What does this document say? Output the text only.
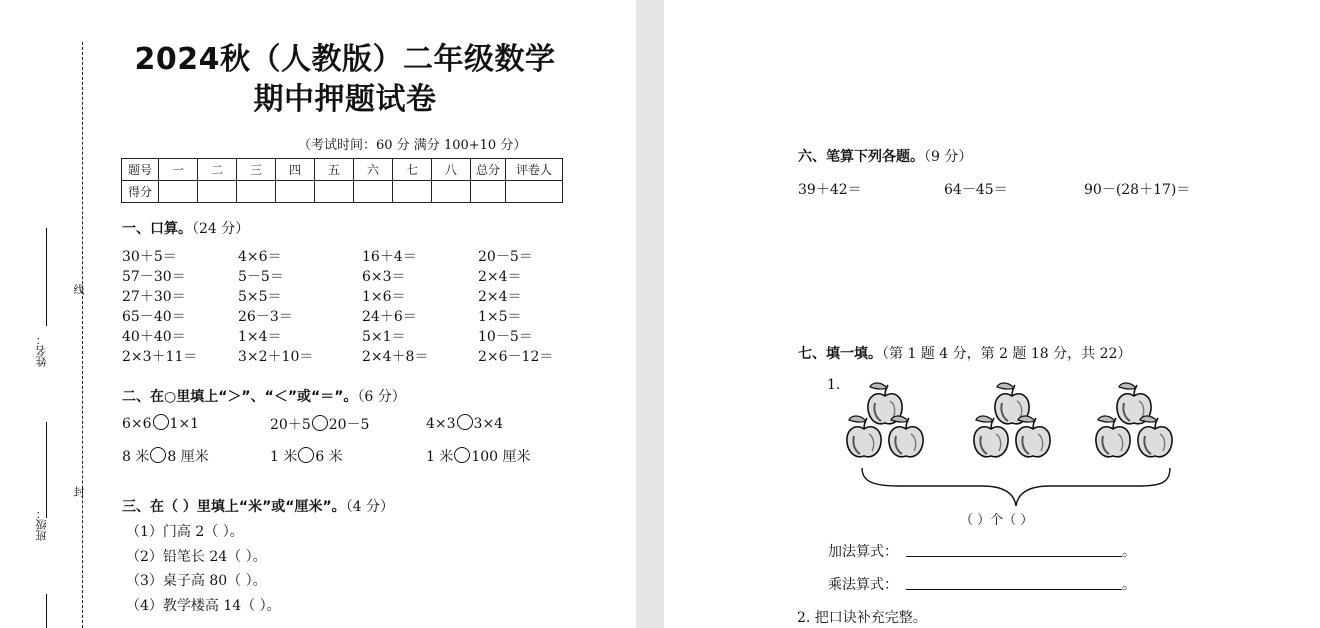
线
封
姓名：
班级：
2024秋（人教版）二年级数学
期中押题试卷
（考试时间：60 分 满分 100+10 分）
题号	一	二	三	四	五	六	七	八	总分	评卷人
得分										
一、口算。（24 分）
30＋5＝	4×6＝	16＋4＝	20－5＝
57－30＝	5－5＝	6×3＝	2×4＝
27＋30＝	5×5＝	1×6＝	2×4＝
65－40＝	26－3＝	24＋6＝	1×5＝
40＋40＝	1×4＝	5×1＝	10－5＝
2×3＋11＝	3×2＋10＝	2×4＋8＝	2×6－12＝
二、在○里填上“＞”、“＜”或“＝”。（6 分）
6×6 1×1	20＋5 20－5	4×3 3×4
8 米 8 厘米	1 米 6 米	1 米 100 厘米
三、在（ ）里填上“米”或“厘米”。（4 分）
（1）门高 2（ ）。
（2）铅笔长 24（ ）。
（3）桌子高 80（ ）。
（4）教学楼高 14（ ）。
六、笔算下列各题。（9 分）
39＋42＝	64－45＝	90－(28＋17)＝
七、填一填。（第 1 题 4 分，第 2 题 18 分，共 22）
1.
（ ）个（ ）
加法算式：	。
乘法算式：	。
2. 把口诀补充完整。
